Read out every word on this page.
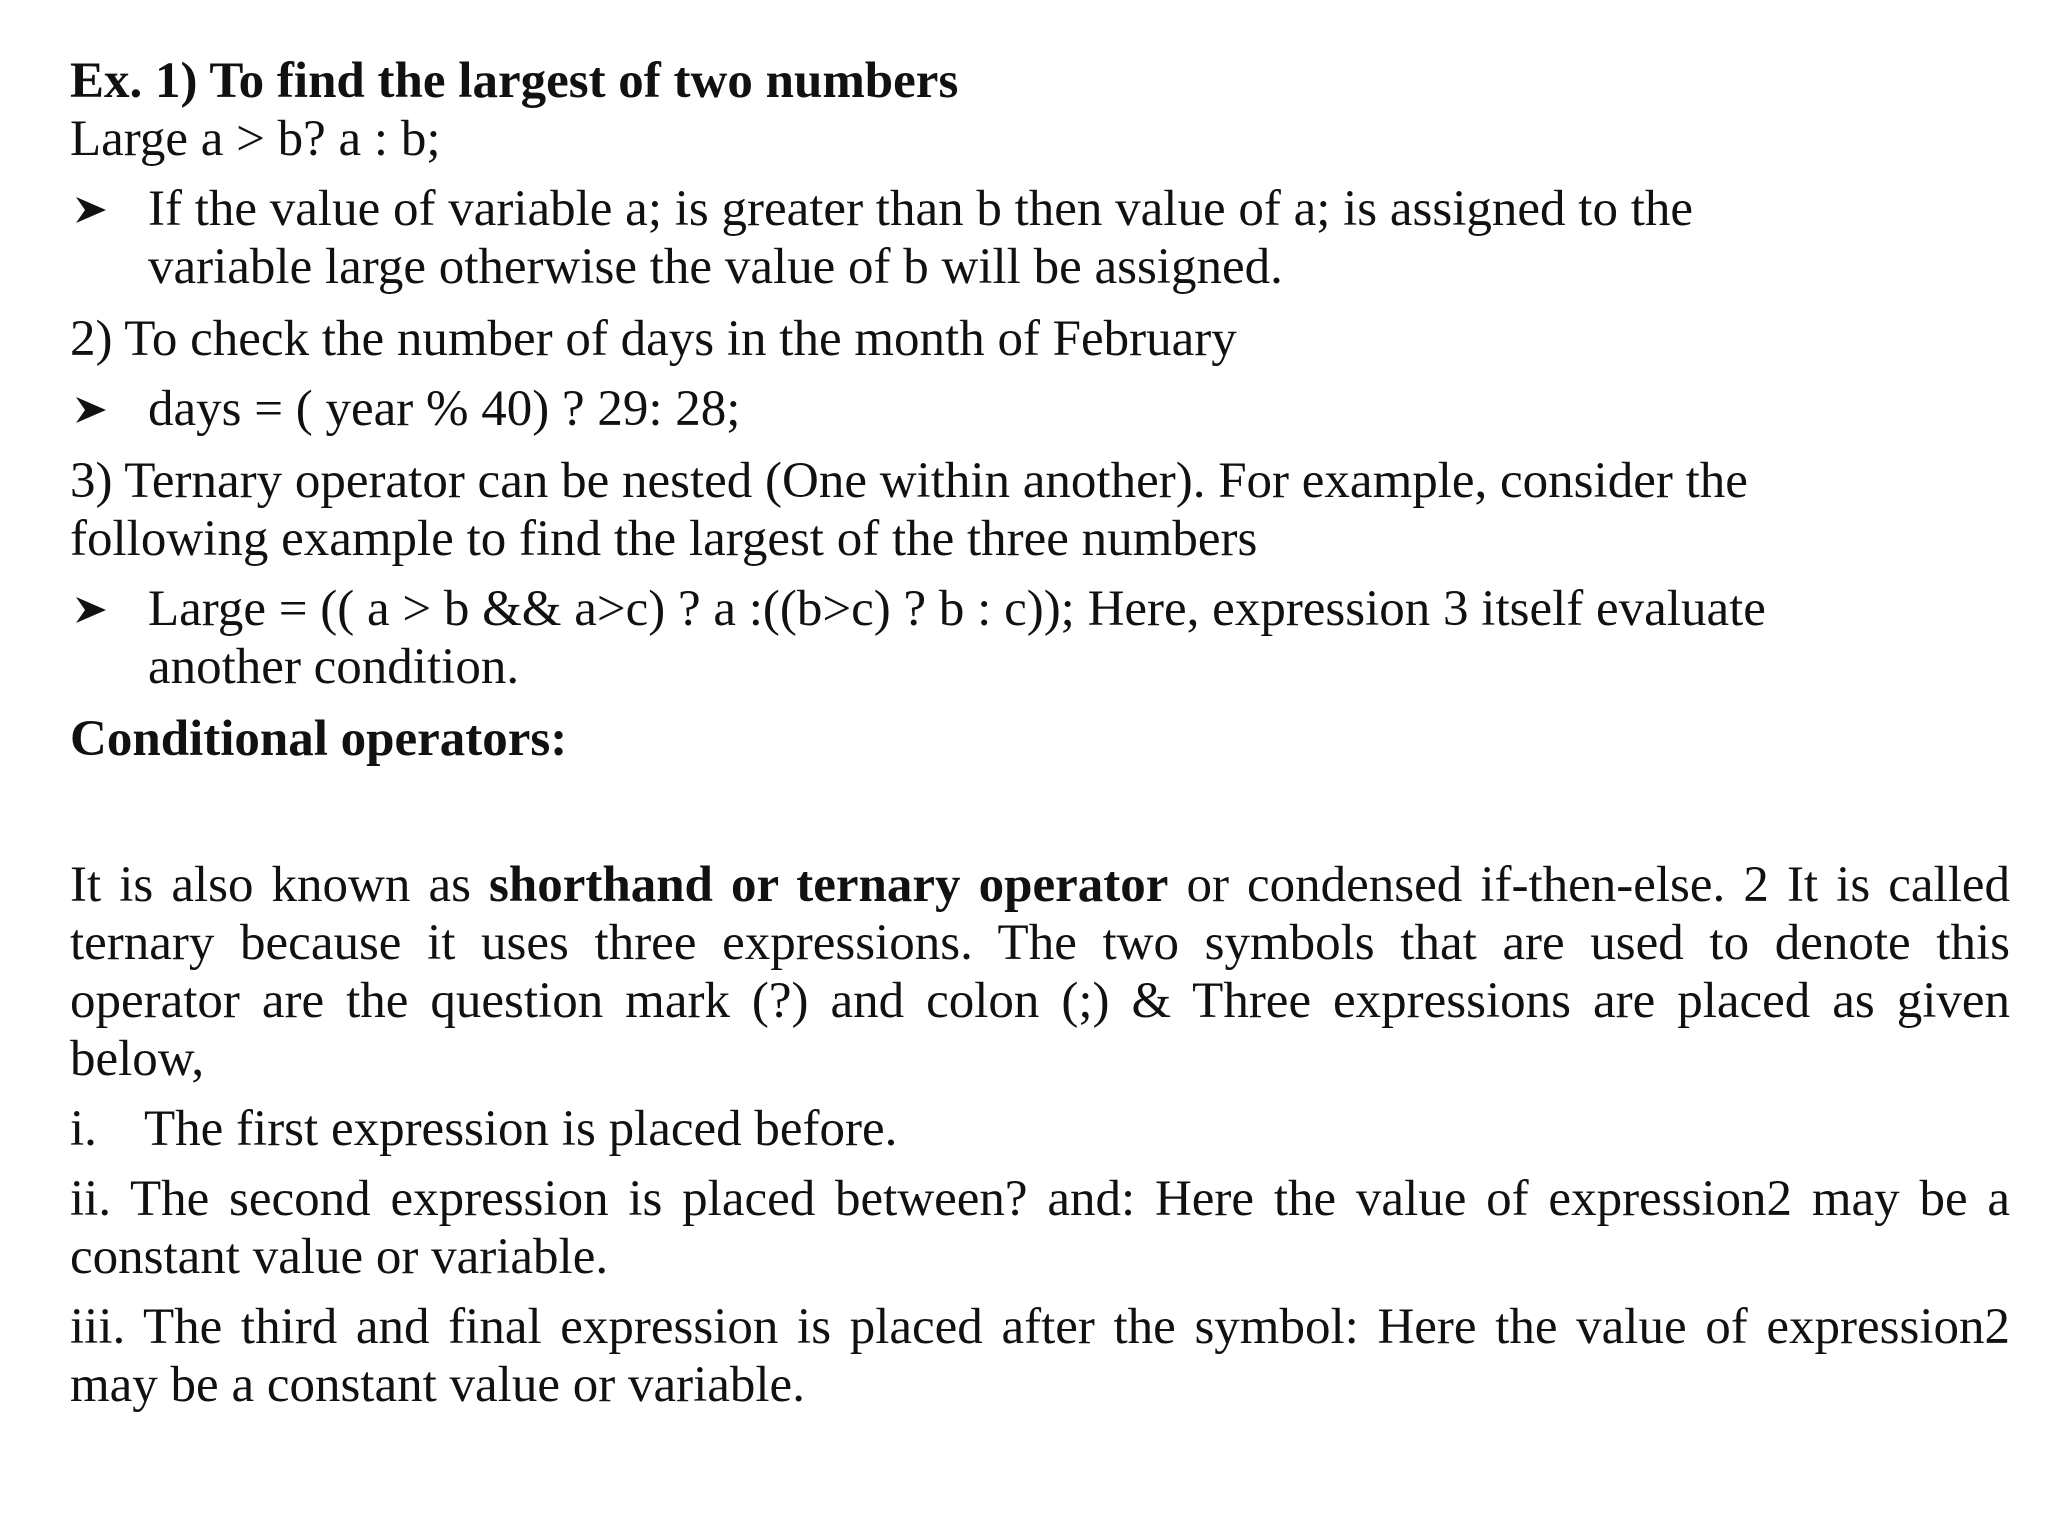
Ex. 1) To find the largest of two numbers
Large a > b? a : b;
If the value of variable a; is greater than b then value of a; is assigned to the
variable large otherwise the value of b will be assigned.
2) To check the number of days in the month of February
days = ( year % 40) ? 29: 28;
3) Ternary operator can be nested (One within another). For example, consider the
following example to find the largest of the three numbers
Large = (( a > b && a>c) ? a :((b>c) ? b : c)); Here, expression 3 itself evaluate
another condition.
Conditional operators:
It is also known as shorthand or ternary operator or condensed if-then-else. 2 It is called ternary because it uses three expressions. The two symbols that are used to denote this operator are the question mark (?) and colon (;) & Three expressions are placed as given below,
i. The first expression is placed before.
ii. The second expression is placed between? and: Here the value of expression2 may be a constant value or variable.
iii. The third and final expression is placed after the symbol: Here the value of expression2 may be a constant value or variable.
